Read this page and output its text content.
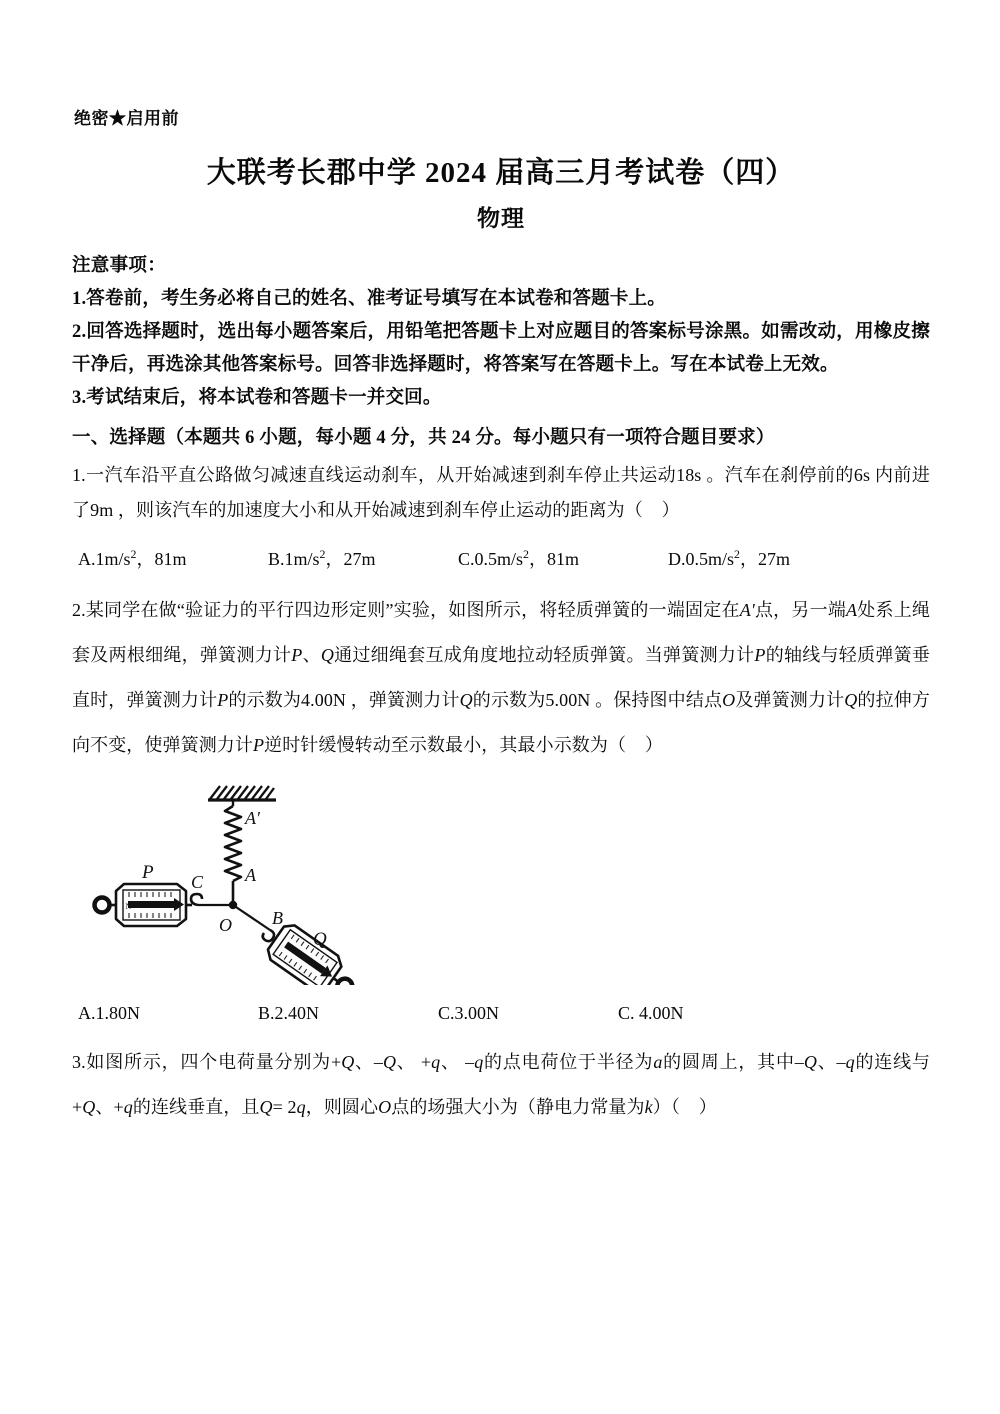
绝密★启用前
大联考长郡中学 2024 届高三月考试卷（四）
物理
注意事项：
1.答卷前，考生务必将自己的姓名、准考证号填写在本试卷和答题卡上。
2.回答选择题时，选出每小题答案后，用铅笔把答题卡上对应题目的答案标号涂黑。如需改动，用橡皮擦干净后，再选涂其他答案标号。回答非选择题时，将答案写在答题卡上。写在本试卷上无效。
3.考试结束后，将本试卷和答题卡一并交回。
一、选择题（本题共 6 小题，每小题 4 分，共 24 分。每小题只有一项符合题目要求）
1.一汽车沿平直公路做匀减速直线运动刹车，从开始减速到刹车停止共运动18s 。汽车在刹停前的6s 内前进了9m ，则该汽车的加速度大小和从开始减速到刹车停止运动的距离为（ ）
$A.1m/s^2$，81m	$B.1m/s^2$，27m	$C.0.5m/s^2$，81m	$D.0.5m/s^2$，27m
2.某同学在做“验证力的平行四边形定则”实验，如图所示，将轻质弹簧的一端固定在A′点，另一端A处系上绳套及两根细绳，弹簧测力计P、Q通过细绳套互成角度地拉动轻质弹簧。当弹簧测力计P的轴线与轻质弹簧垂直时，弹簧测力计P的示数为4.00N ，弹簧测力计Q的示数为5.00N 。保持图中结点O及弹簧测力计Q的拉伸方向不变，使弹簧测力计P逆时针缓慢转动至示数最小，其最小示数为（ ）
N
A′
A
C
O B
P
Q
A.1.80N	B.2.40N	C.3.00N	C. 4.00N
3.如图所示，四个电荷量分别为+Q、–Q、 +q、 –q的点电荷位于半径为a的圆周上，其中–Q、–q的连线与+Q、+q的连线垂直，且Q= 2q，则圆心O点的场强大小为（静电力常量为k）（ ）
